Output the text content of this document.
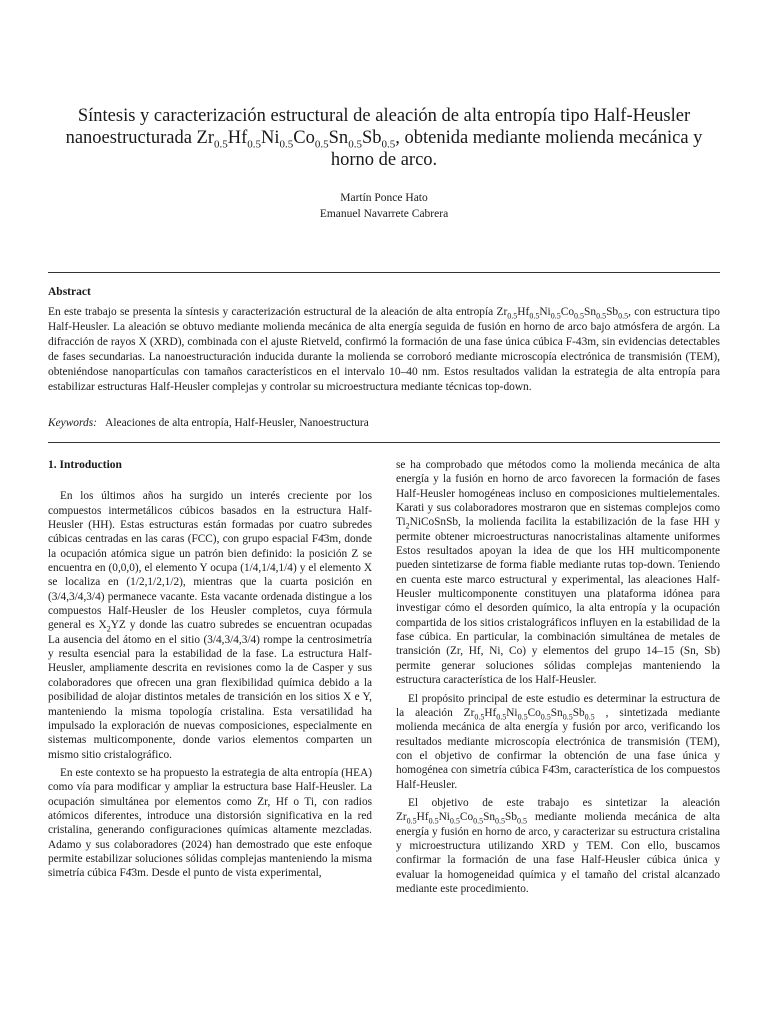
Síntesis y caracterización estructural de aleación de alta entropía tipo Half-Heusler
nanoestructurada $Zr_{0.5}Hf_{0.5}Ni_{0.5}Co_{0.5}Sn_{0.5}Sb_{0.5}$, obtenida mediante molienda mecánica y
horno de arco.
Martín Ponce Hato
Emanuel Navarrete Cabrera
Abstract
En este trabajo se presenta la síntesis y caracterización estructural de la aleación de alta entropía $Zr_{0.5}Hf_{0.5}Ni_{0.5}Co_{0.5}Sn_{0.5}Sb_{0.5}$, con estructura tipo Half-Heusler. La aleación se obtuvo mediante molienda mecánica de alta energía seguida de fusión en horno de arco bajo atmósfera de argón. La difracción de rayos X (XRD), combinada con el ajuste Rietveld, confirmó la formación de una fase única cúbica F-43m, sin evidencias detectables de fases secundarias. La nanoestructuración inducida durante la molienda se corroboró mediante microscopía electrónica de transmisión (TEM), obteniéndose nanopartículas con tamaños característicos en el intervalo 10–40 nm. Estos resultados validan la estrategia de alta entropía para estabilizar estructuras Half-Heusler complejas y controlar su microestructura mediante técnicas top-down.
Keywords: Aleaciones de alta entropía, Half-Heusler, Nanoestructura
1. Introduction

En los últimos años ha surgido un interés creciente por los compuestos intermetálicos cúbicos basados en la estructura Half-Heusler (HH). Estas estructuras están formadas por cuatro subredes cúbicas centradas en las caras (FCC), con grupo espacial F4̄3m, donde la ocupación atómica sigue un patrón bien definido: la posición Z se encuentra en (0,0,0), el elemento Y ocupa (1/4,1/4,1/4) y el elemento X se localiza en (1/2,1/2,1/2), mientras que la cuarta posición en (3/4,3/4,3/4) permanece vacante. Esta vacante ordenada distingue a los compuestos Half-Heusler de los Heusler completos, cuya fórmula general es $X_2YZ$ y donde las cuatro subredes se encuentran ocupadas La ausencia del átomo en el sitio (3/4,3/4,3/4) rompe la centrosimetría y resulta esencial para la estabilidad de la fase. La estructura Half-Heusler, ampliamente descrita en revisiones como la de Casper y sus colaboradores que ofrecen una gran flexibilidad química debido a la posibilidad de alojar distintos metales de transición en los sitios X e Y, manteniendo la misma topología cristalina. Esta versatilidad ha impulsado la exploración de nuevas composiciones, especialmente en sistemas multicomponente, donde varios elementos comparten un mismo sitio cristalográfico.

En este contexto se ha propuesto la estrategia de alta entropía (HEA) como vía para modificar y ampliar la estructura base Half-Heusler. La ocupación simultánea por elementos como Zr, Hf o Ti, con radios atómicos diferentes, introduce una distorsión significativa en la red cristalina, generando configuraciones químicas altamente mezcladas. Adamo y sus colaboradores (2024) han demostrado que este enfoque permite estabilizar soluciones sólidas complejas manteniendo la misma simetría cúbica F4̄3m. Desde el punto de vista experimental,

se ha comprobado que métodos como la molienda mecánica de alta energía y la fusión en horno de arco favorecen la formación de fases Half-Heusler homogéneas incluso en composiciones multielementales. Karati y sus colaboradores mostraron que en sistemas complejos como $Ti_2NiCoSnSb$, la molienda facilita la estabilización de la fase HH y permite obtener microestructuras nanocristalinas altamente uniformes Estos resultados apoyan la idea de que los HH multicomponente pueden sintetizarse de forma fiable mediante rutas top-down. Teniendo en cuenta este marco estructural y experimental, las aleaciones Half-Heusler multicomponente constituyen una plataforma idónea para investigar cómo el desorden químico, la alta entropía y la ocupación compartida de los sitios cristalográficos influyen en la estabilidad de la fase cúbica. En particular, la combinación simultánea de metales de transición (Zr, Hf, Ni, Co) y elementos del grupo 14–15 (Sn, Sb) permite generar soluciones sólidas complejas manteniendo la estructura característica de los Half-Heusler.

El propósito principal de este estudio es determinar la estructura de la aleación $Zr_{0.5}Hf_{0.5}Ni_{0.5}Co_{0.5}Sn_{0.5}Sb_{0.5}$ , sintetizada mediante molienda mecánica de alta energía y fusión por arco, verificando los resultados mediante microscopía electrónica de transmisión (TEM), con el objetivo de confirmar la obtención de una fase única y homogénea con simetría cúbica F4̄3m, característica de los compuestos Half-Heusler.

El objetivo de este trabajo es sintetizar la aleación $Zr_{0.5}Hf_{0.5}Ni_{0.5}Co_{0.5}Sn_{0.5}Sb_{0.5}$ mediante molienda mecánica de alta energía y fusión en horno de arco, y caracterizar su estructura cristalina y microestructura utilizando XRD y TEM. Con ello, buscamos confirmar la formación de una fase Half-Heusler cúbica única y evaluar la homogeneidad química y el tamaño del cristal alcanzado mediante este procedimiento.
